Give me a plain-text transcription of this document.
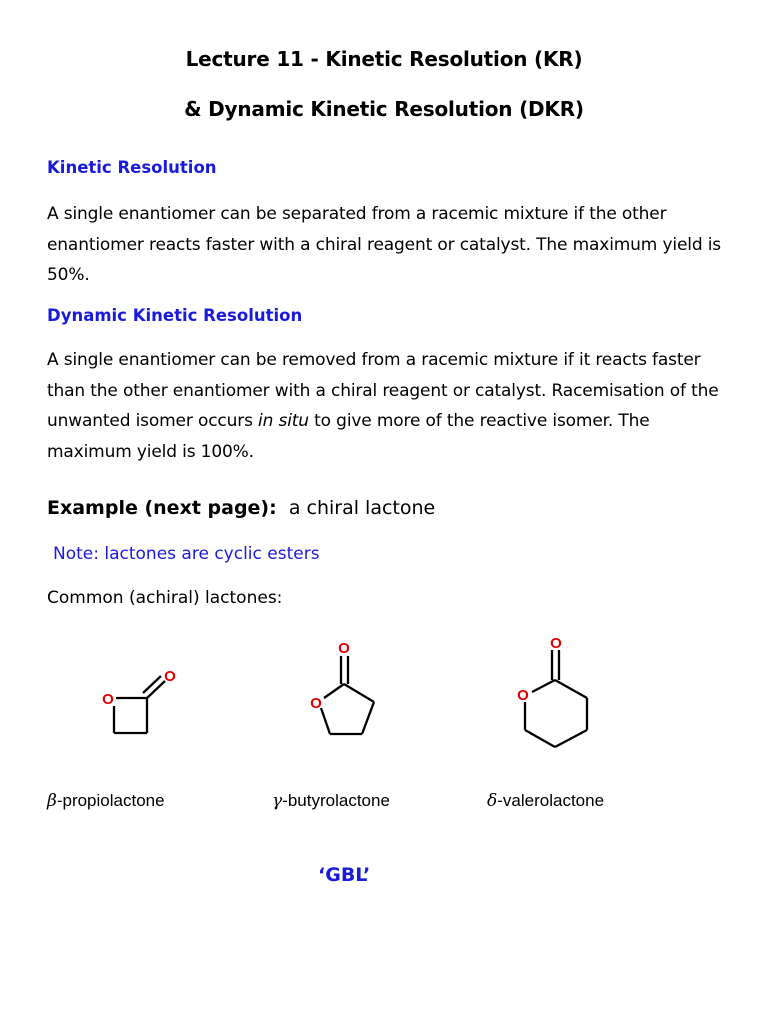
Lecture 11 - Kinetic Resolution (KR)
& Dynamic Kinetic Resolution (DKR)
Kinetic Resolution
A single enantiomer can be separated from a racemic mixture if the other enantiomer reacts faster with a chiral reagent or catalyst. The maximum yield is 50%.
Dynamic Kinetic Resolution
A single enantiomer can be removed from a racemic mixture if it reacts faster than the other enantiomer with a chiral reagent or catalyst. Racemisation of the unwanted isomer occurs in situ to give more of the reactive isomer. The maximum yield is 100%.
Example (next page): a chiral lactone
Note: lactones are cyclic esters
Common (achiral) lactones:
O
O
O
O
O
O
β-propiolactone	γ-butyrolactone	δ-valerolactone
‘GBL’
